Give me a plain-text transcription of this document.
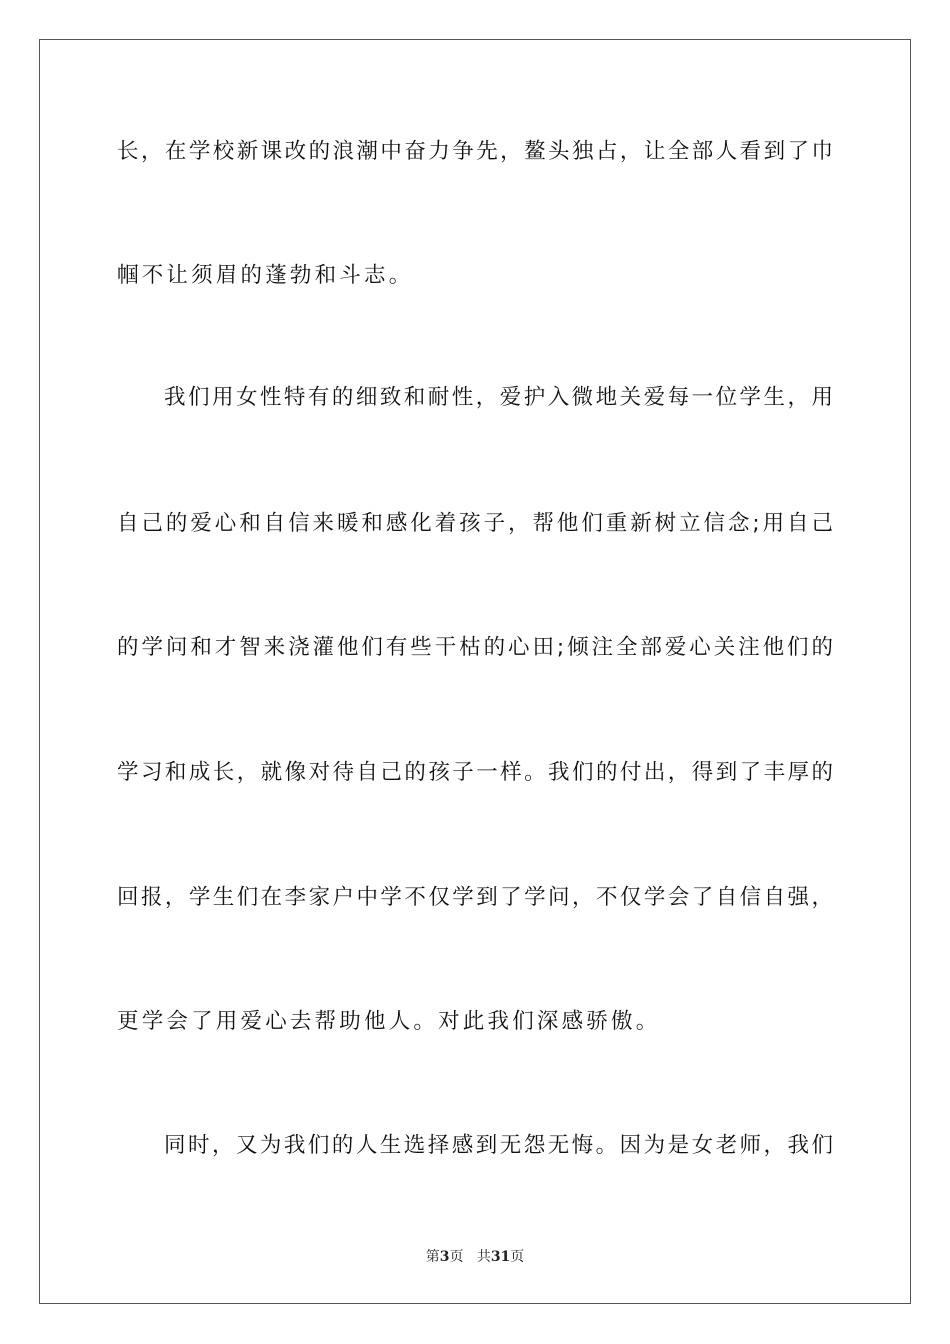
长，在学校新课改的浪潮中奋力争先，鳌头独占，让全部人看到了巾
帼不让须眉的蓬勃和斗志。
我们用女性特有的细致和耐性，爱护入微地关爱每一位学生，用
自己的爱心和自信来暖和感化着孩子，帮他们重新树立信念;用自己
的学问和才智来浇灌他们有些干枯的心田;倾注全部爱心关注他们的
学习和成长，就像对待自己的孩子一样。我们的付出，得到了丰厚的
回报，学生们在李家户中学不仅学到了学问，不仅学会了自信自强，
更学会了用爱心去帮助他人。对此我们深感骄傲。
同时，又为我们的人生选择感到无怨无悔。因为是女老师，我们
第3页 共31页
